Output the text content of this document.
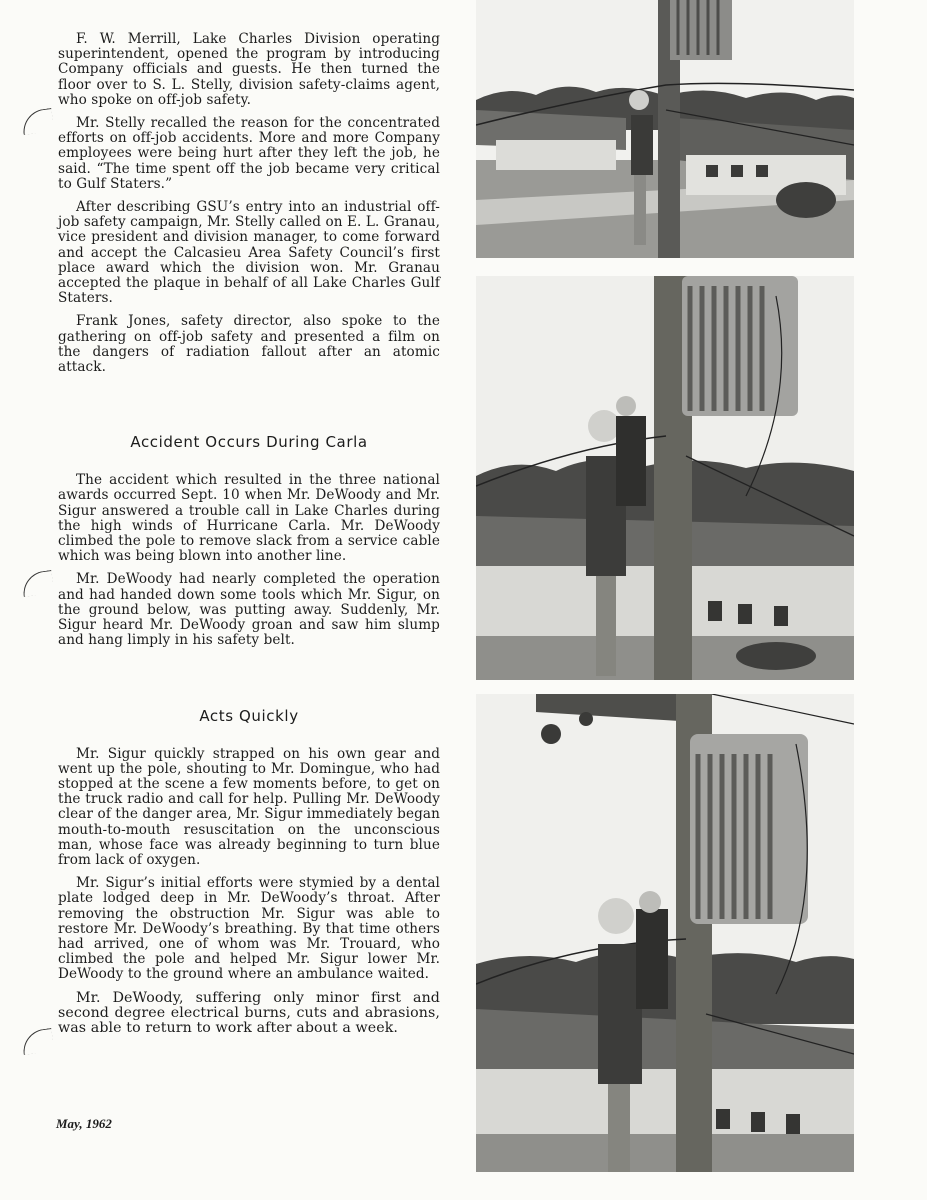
F. W. Merrill, Lake Charles Division operating superintendent, opened the program by introducing Company officials and guests. He then turned the floor over to S. L. Stelly, division safety-claims agent, who spoke on off-job safety.

Mr. Stelly recalled the reason for the concentrated efforts on off-job accidents. More and more Company employees were being hurt after they left the job, he said. “The time spent off the job became very critical to Gulf Staters.”

After describing GSU’s entry into an industrial off-job safety campaign, Mr. Stelly called on E. L. Granau, vice president and division manager, to come forward and accept the Calcasieu Area Safety Council’s first place award which the division won. Mr. Granau accepted the plaque in behalf of all Lake Charles Gulf Staters.

Frank Jones, safety director, also spoke to the gathering on off-job safety and presented a film on the dangers of radiation fallout after an atomic attack.

Accident Occurs During Carla

The accident which resulted in the three national awards occurred Sept. 10 when Mr. DeWoody and Mr. Sigur answered a trouble call in Lake Charles during the high winds of Hurricane Carla. Mr. DeWoody climbed the pole to remove slack from a service cable which was being blown into another line.

Mr. DeWoody had nearly completed the operation and had handed down some tools which Mr. Sigur, on the ground below, was putting away. Suddenly, Mr. Sigur heard Mr. DeWoody groan and saw him slump and hang limply in his safety belt.

Acts Quickly

Mr. Sigur quickly strapped on his own gear and went up the pole, shouting to Mr. Domingue, who had stopped at the scene a few moments before, to get on the truck radio and call for help. Pulling Mr. DeWoody clear of the danger area, Mr. Sigur immediately began mouth-to-mouth resuscitation on the unconscious man, whose face was already beginning to turn blue from lack of oxygen.

Mr. Sigur’s initial efforts were stymied by a dental plate lodged deep in Mr. DeWoody’s throat. After removing the obstruction Mr. Sigur was able to restore Mr. DeWoody’s breathing. By that time others had arrived, one of whom was Mr. Trouard, who climbed the pole and helped Mr. Sigur lower Mr. DeWoody to the ground where an ambulance waited.

Mr. DeWoody, suffering only minor first and second degree electrical burns, cuts and abrasions, was able to return to work after about a week.

May, 1962
